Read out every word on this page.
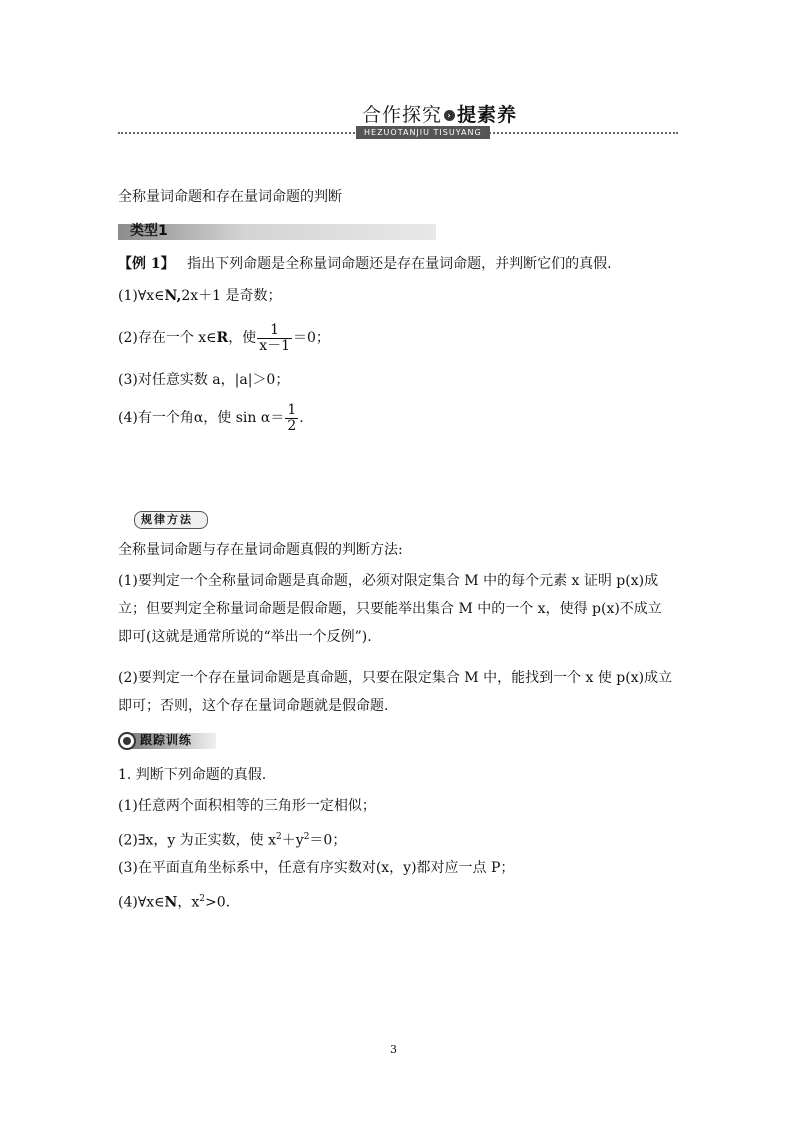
合作探究 › 提素养
HEZUOTANJIU TISUYANG
全称量词命题和存在量词命题的判断
类型1
【例 1】 指出下列命题是全称量词命题还是存在量词命题，并判断它们的真假.
(1)∀x∈N,2x＋1 是奇数；
(2)存在一个 x∈R，使 $\frac{1}{x-1} =0$；
(3)对任意实数 a，|a|＞0；
(4)有一个角α，使 $\sin \alpha= \frac{1}{2}$ .
规律方法
全称量词命题与存在量词命题真假的判断方法:
(1)要判定一个全称量词命题是真命题，必须对限定集合 M 中的每个元素 x 证明 p(x)成立；但要判定全称量词命题是假命题，只要能举出集合 M 中的一个 x，使得 p(x)不成立即可(这就是通常所说的“举出一个反例”).
(2)要判定一个存在量词命题是真命题，只要在限定集合 M 中，能找到一个 x 使 p(x)成立即可；否则，这个存在量词命题就是假命题.
跟踪训练
1. 判断下列命题的真假.
(1)任意两个面积相等的三角形一定相似；
(2)∃x，y 为正实数，使 $x^2+y^2=0$；
(3)在平面直角坐标系中，任意有序实数对(x，y)都对应一点 P；
(4)∀x∈N，$x^2>0$.
3
